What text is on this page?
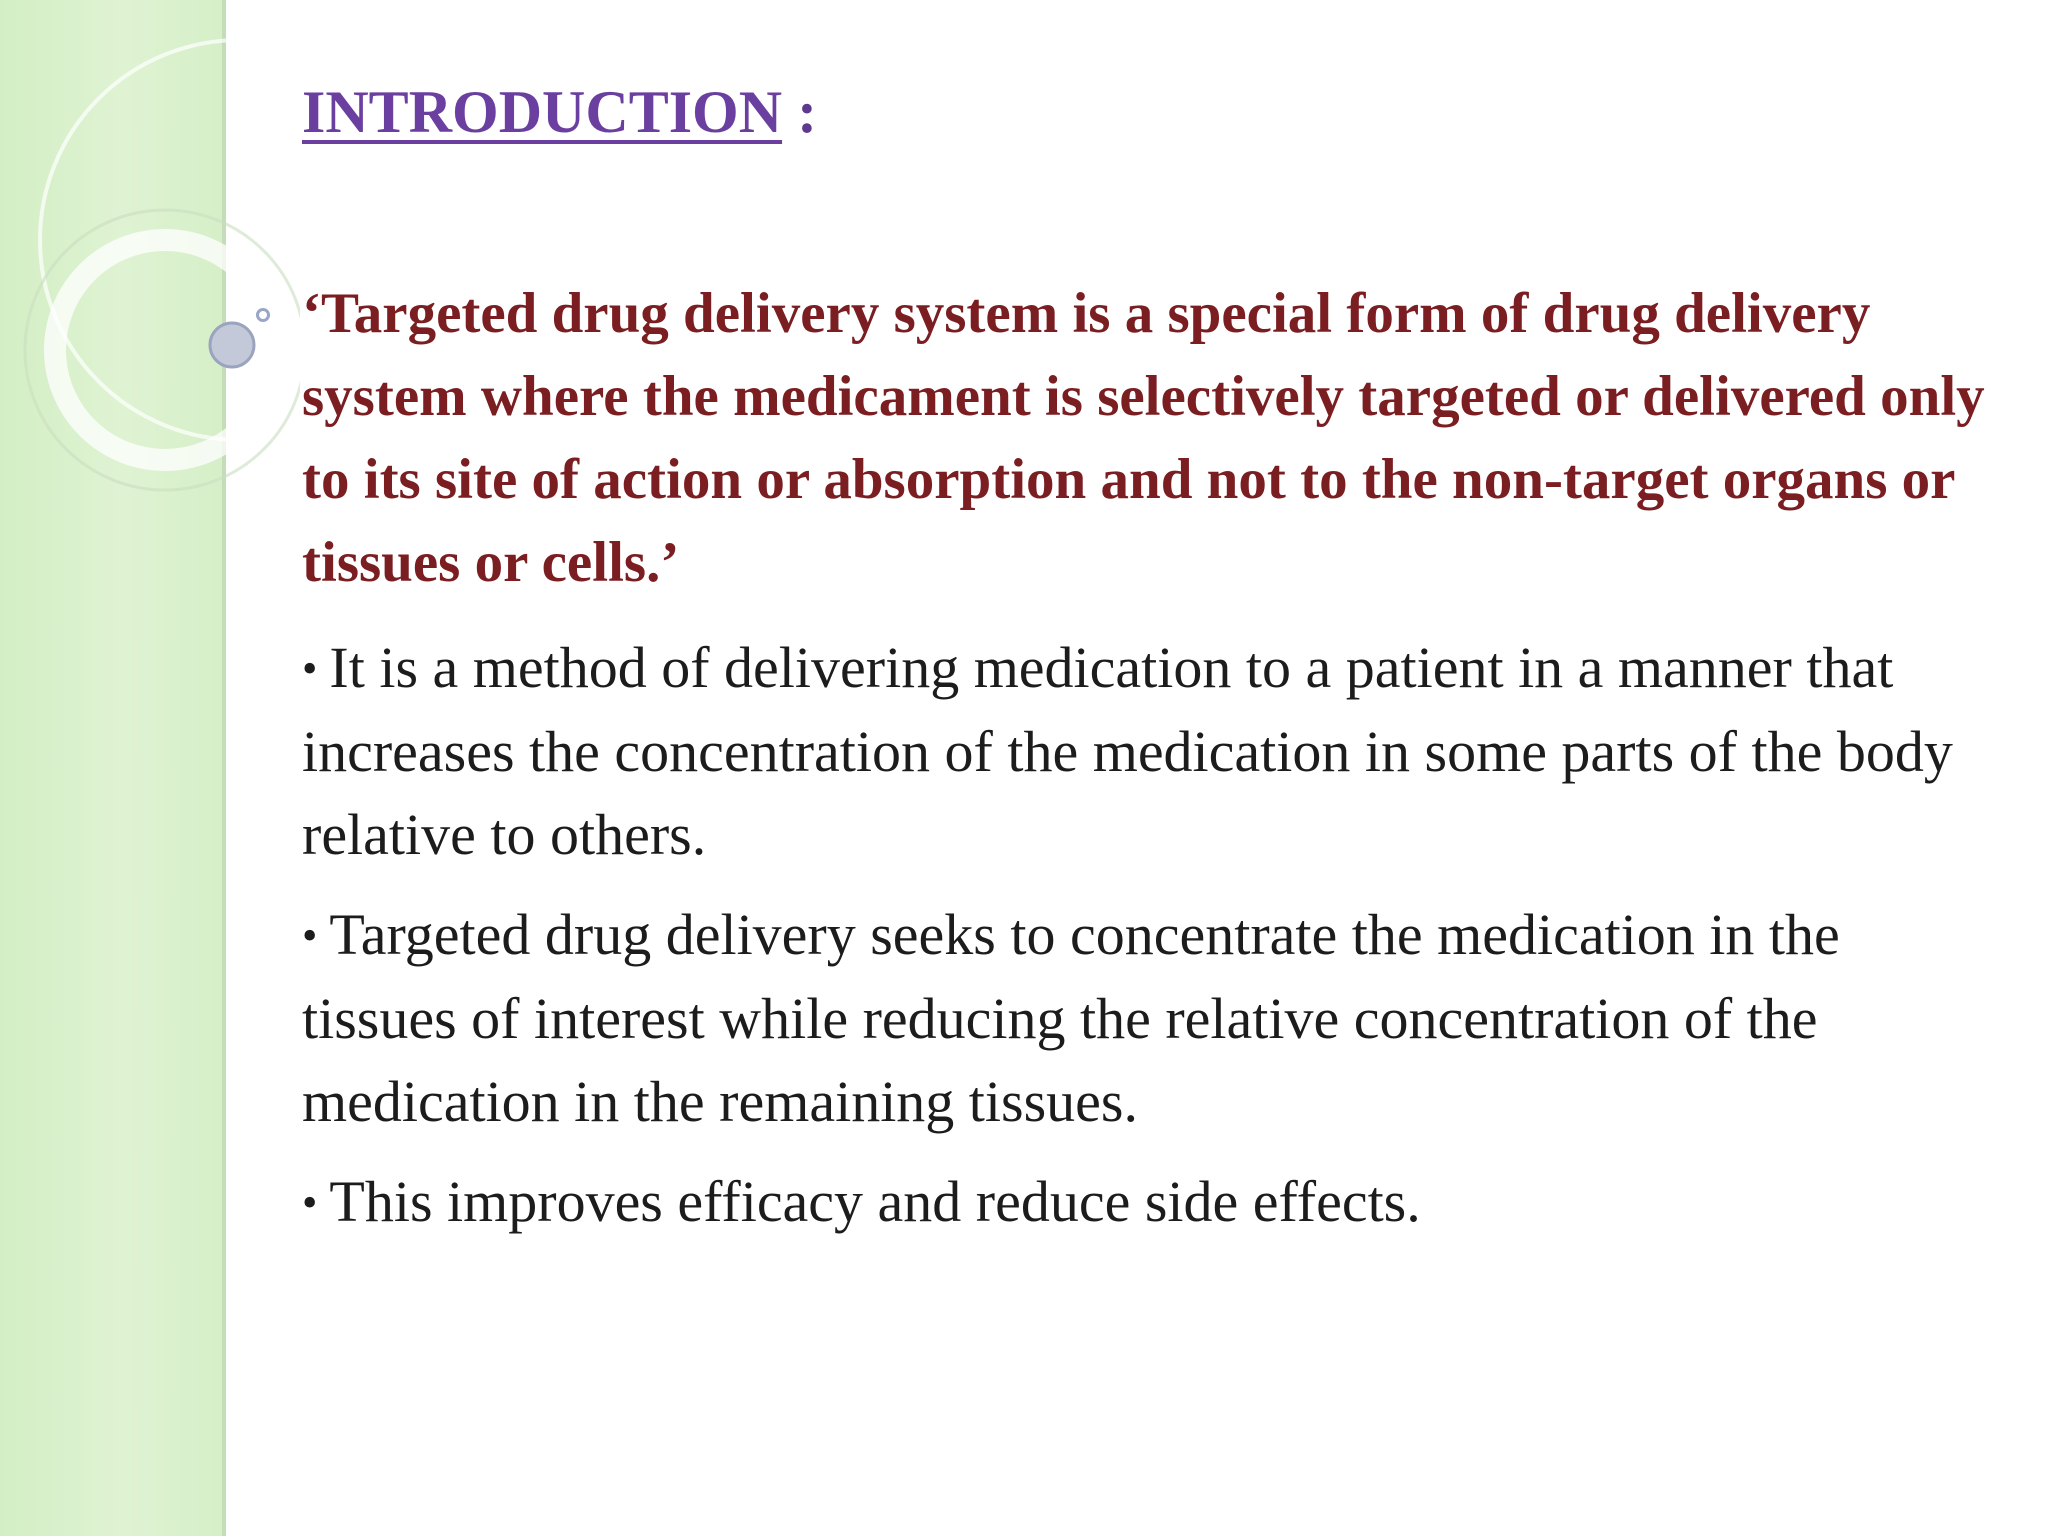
INTRODUCTION :

‘Targeted drug delivery system is a special form of drug delivery system where the medicament is selectively targeted or delivered only to its site of action or absorption and not to the non-target organs or tissues or cells.’

• It is a method of delivering medication to a patient in a manner that increases the concentration of the medication in some parts of the body relative to others.

• Targeted drug delivery seeks to concentrate the medication in the tissues of interest while reducing the relative concentration of the medication in the remaining tissues.

• This improves efficacy and reduce side effects.
